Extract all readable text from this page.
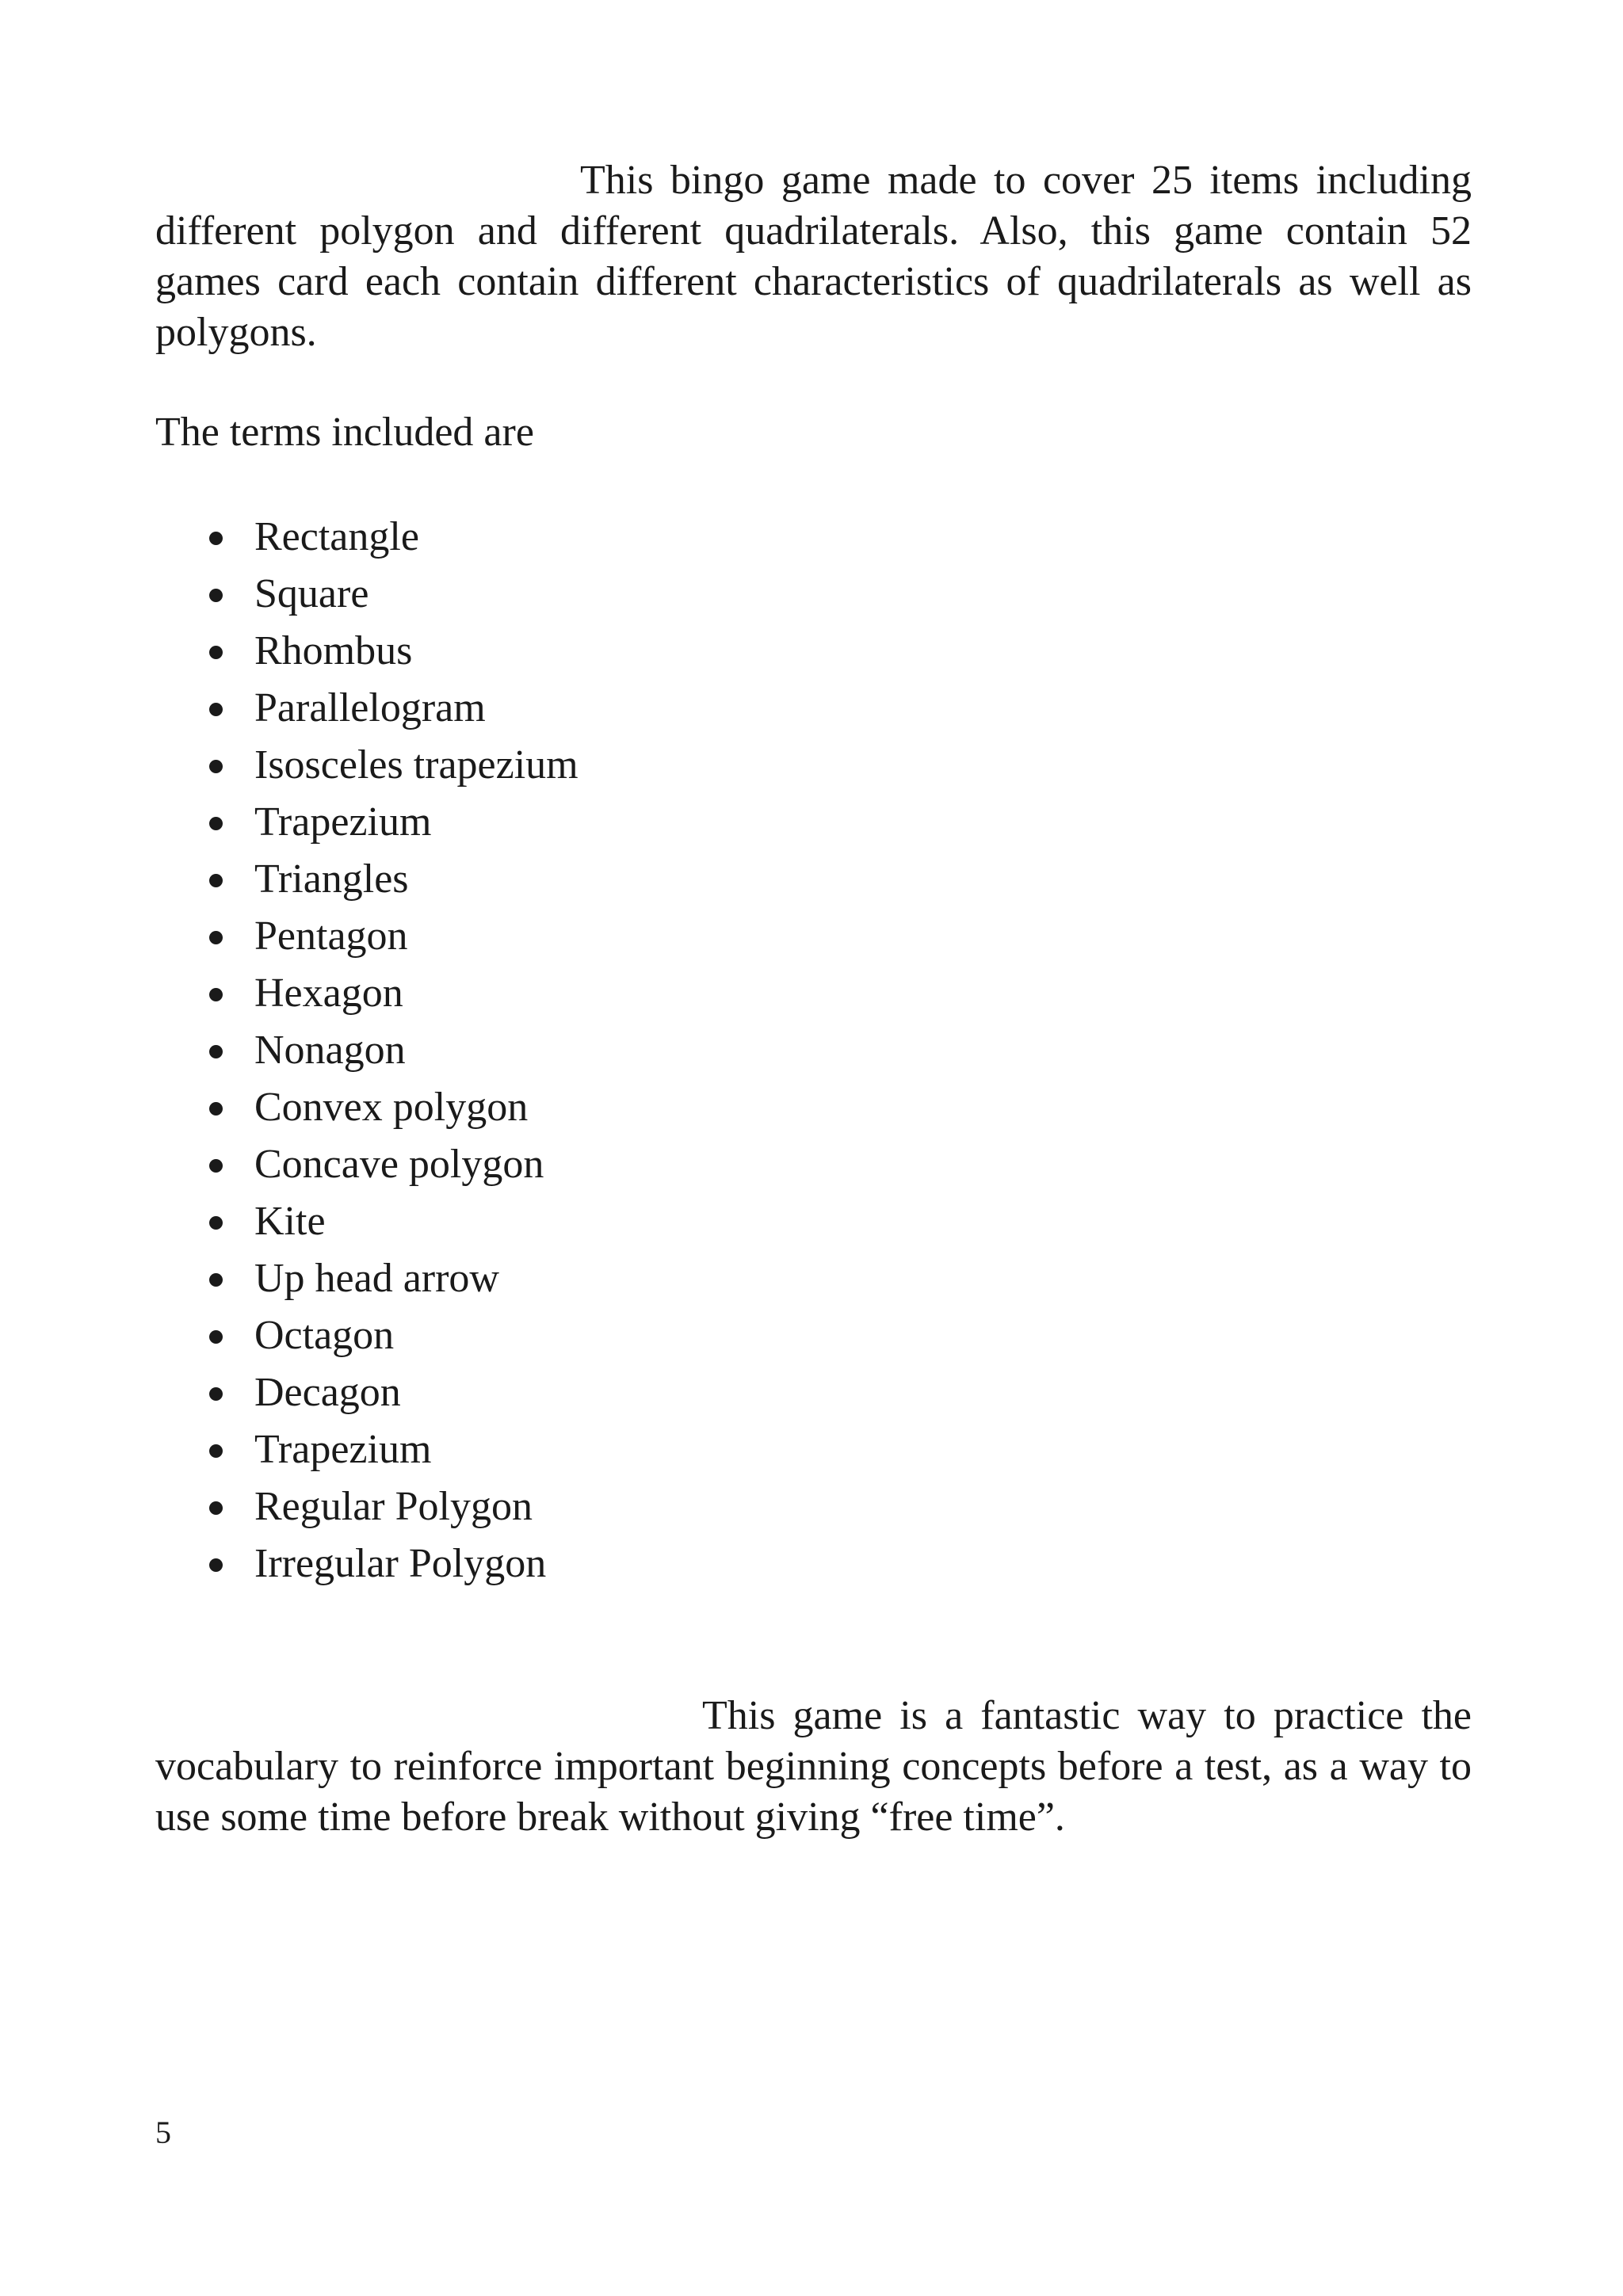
This bingo game made to cover 25 items including different polygon and different quadrilaterals. Also, this game contain 52 games card each contain different characteristics of quadrilaterals as well as polygons.

The terms included are

Rectangle
Square
Rhombus
Parallelogram
Isosceles trapezium
Trapezium
Triangles
Pentagon
Hexagon
Nonagon
Convex polygon
Concave polygon
Kite
Up head arrow
Octagon
Decagon
Trapezium
Regular Polygon
Irregular Polygon

This game is a fantastic way to practice the vocabulary to reinforce important beginning concepts before a test, as a way to use some time before break without giving “free time”.

5
